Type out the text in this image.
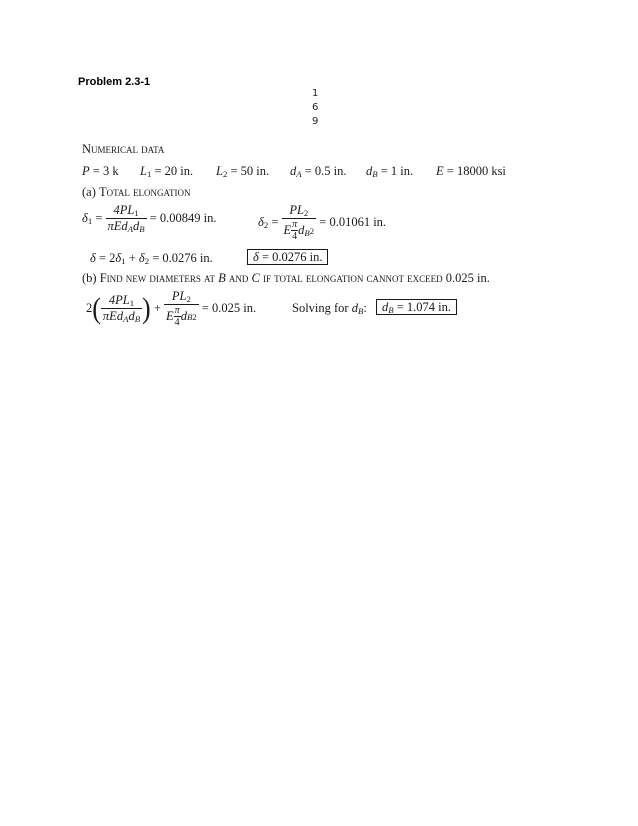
Problem 2.3-1
1
6
9
Numerical data
P = 3 k $L_1 = 20$ in. $L_2 = 50$ in. $d_A = 0.5$ in. $d_B = 1$ in. E = 18000 ksi
(a) Total elongation
$\delta_1 = \frac{4PL_1}{\pi Ed_Ad_B}$
= 0.00849 in.	$\delta_2 = \frac{PL_2}{E \frac{\pi}{4} d_B 2}$
= 0.01061 in.
$\delta = 2\delta_1 + \delta_2 = 0.0276$ in.	δ = 0.0276 in.
(b) Find new diameters at B and C if total elongation cannot exceed 0.025 in.
2 ( $\frac{4PL_1}{\pi Ed_Ad_B}$ ) + $\frac{PL_2}{E \frac{\pi}{4} d B 2}$
= 0.025 in.	Solving for $d_B$:	$d_B = 1.074$ in.
